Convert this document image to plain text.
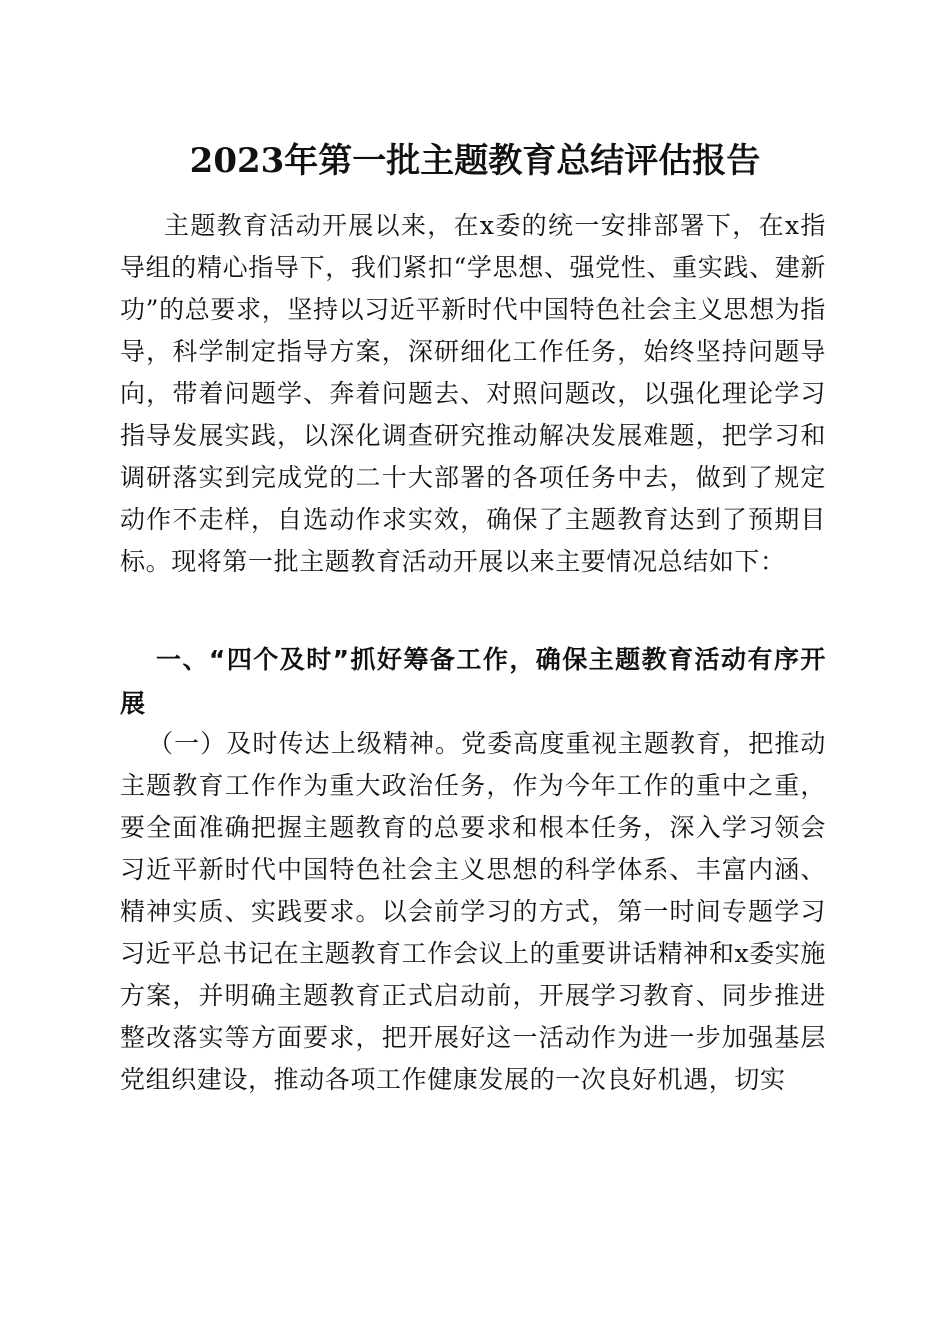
2023年第一批主题教育总结评估报告

主题教育活动开展以来，在x委的统一安排部署下，在x指导组的精心指导下，我们紧扣“学思想、强党性、重实践、建新功”的总要求，坚持以习近平新时代中国特色社会主义思想为指导，科学制定指导方案，深研细化工作任务，始终坚持问题导向，带着问题学、奔着问题去、对照问题改，以强化理论学习指导发展实践，以深化调查研究推动解决发展难题，把学习和调研落实到完成党的二十大部署的各项任务中去，做到了规定动作不走样，自选动作求实效，确保了主题教育达到了预期目标。现将第一批主题教育活动开展以来主要情况总结如下：

一、“四个及时”抓好筹备工作，确保主题教育活动有序开展

（一）及时传达上级精神。党委高度重视主题教育，把推动主题教育工作作为重大政治任务，作为今年工作的重中之重，要全面准确把握主题教育的总要求和根本任务，深入学习领会习近平新时代中国特色社会主义思想的科学体系、丰富内涵、精神实质、实践要求。以会前学习的方式，第一时间专题学习习近平总书记在主题教育工作会议上的重要讲话精神和x委实施方案，并明确主题教育正式启动前，开展学习教育、同步推进整改落实等方面要求，把开展好这一活动作为进一步加强基层党组织建设，推动各项工作健康发展的一次良好机遇，切实
